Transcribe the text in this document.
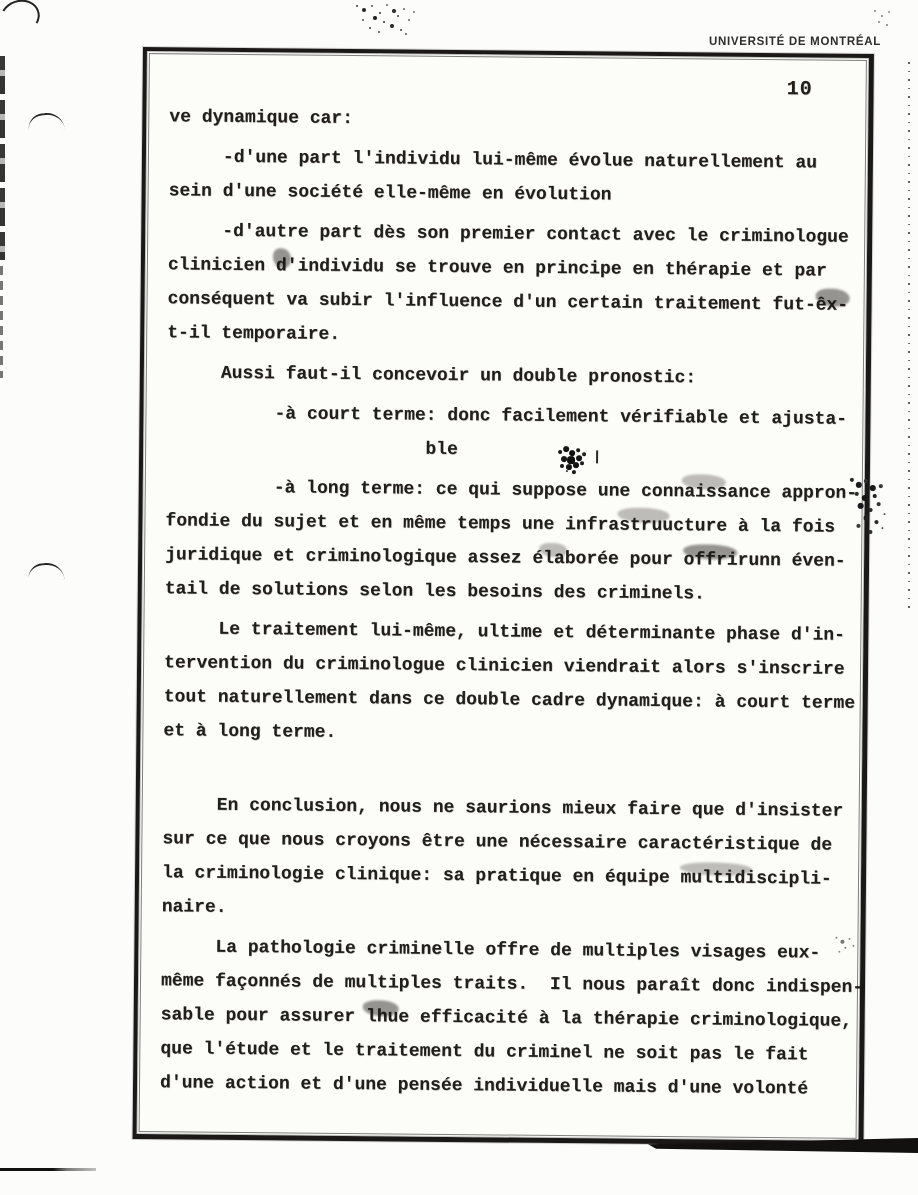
UNIVERSITÉ DE MONTRÉAL
10
ve dynamique car:
-d'une part l'individu lui-même évolue naturellement au
sein d'une société elle-même en évolution
-d'autre part dès son premier contact avec le criminologue
clinicien d'individu se trouve en principe en thérapie et par
conséquent va subir l'influence d'un certain traitement fut-êx-
t-il temporaire.
Aussi faut-il concevoir un double pronostic:
-à court terme: donc facilement vérifiable et ajusta-
ble
-à long terme: ce qui suppose une connaissance appron-
fondie du sujet et en même temps une infrastruucture à la fois
juridique et criminologique assez élaborée pour offrirunn éven-
tail de solutions selon les besoins des criminels.
Le traitement lui-même, ultime et déterminante phase d'in-
tervention du criminologue clinicien viendrait alors s'inscrire
tout naturellement dans ce double cadre dynamique: à court terme
et à long terme.
En conclusion, nous ne saurions mieux faire que d'insister
sur ce que nous croyons être une nécessaire caractéristique de
la criminologie clinique: sa pratique en équipe multidiscipli-
naire.
La pathologie criminelle offre de multiples visages eux-
même façonnés de multiples traits.  Il nous paraît donc indispen-
sable pour assurer lhue efficacité à la thérapie criminologique,
que l'étude et le traitement du criminel ne soit pas le fait
d'une action et d'une pensée individuelle mais d'une volonté
